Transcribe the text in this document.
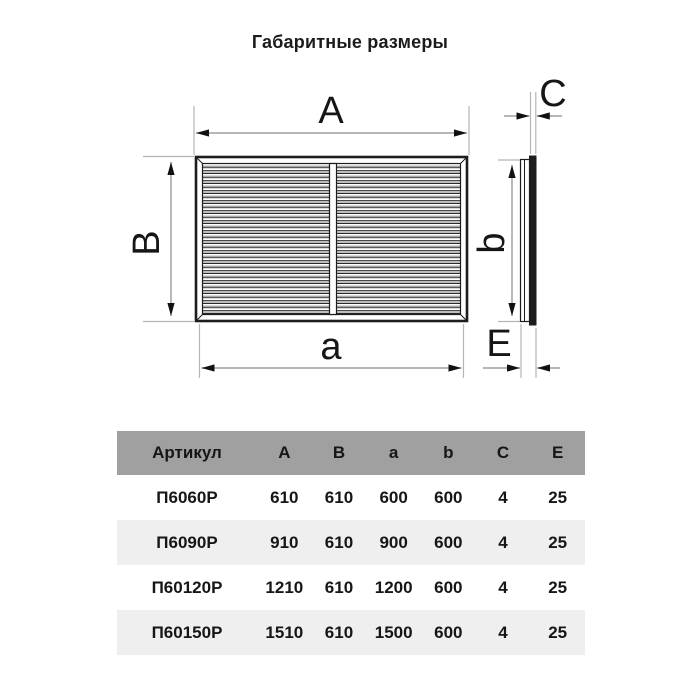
Габаритные размеры
A
B
a
C
b
E
Артикул	A	B	a	b	C	E
П6060Р	610	610	600	600	4	25
П6090Р	910	610	900	600	4	25
П60120Р	1210	610	1200	600	4	25
П60150Р	1510	610	1500	600	4	25
